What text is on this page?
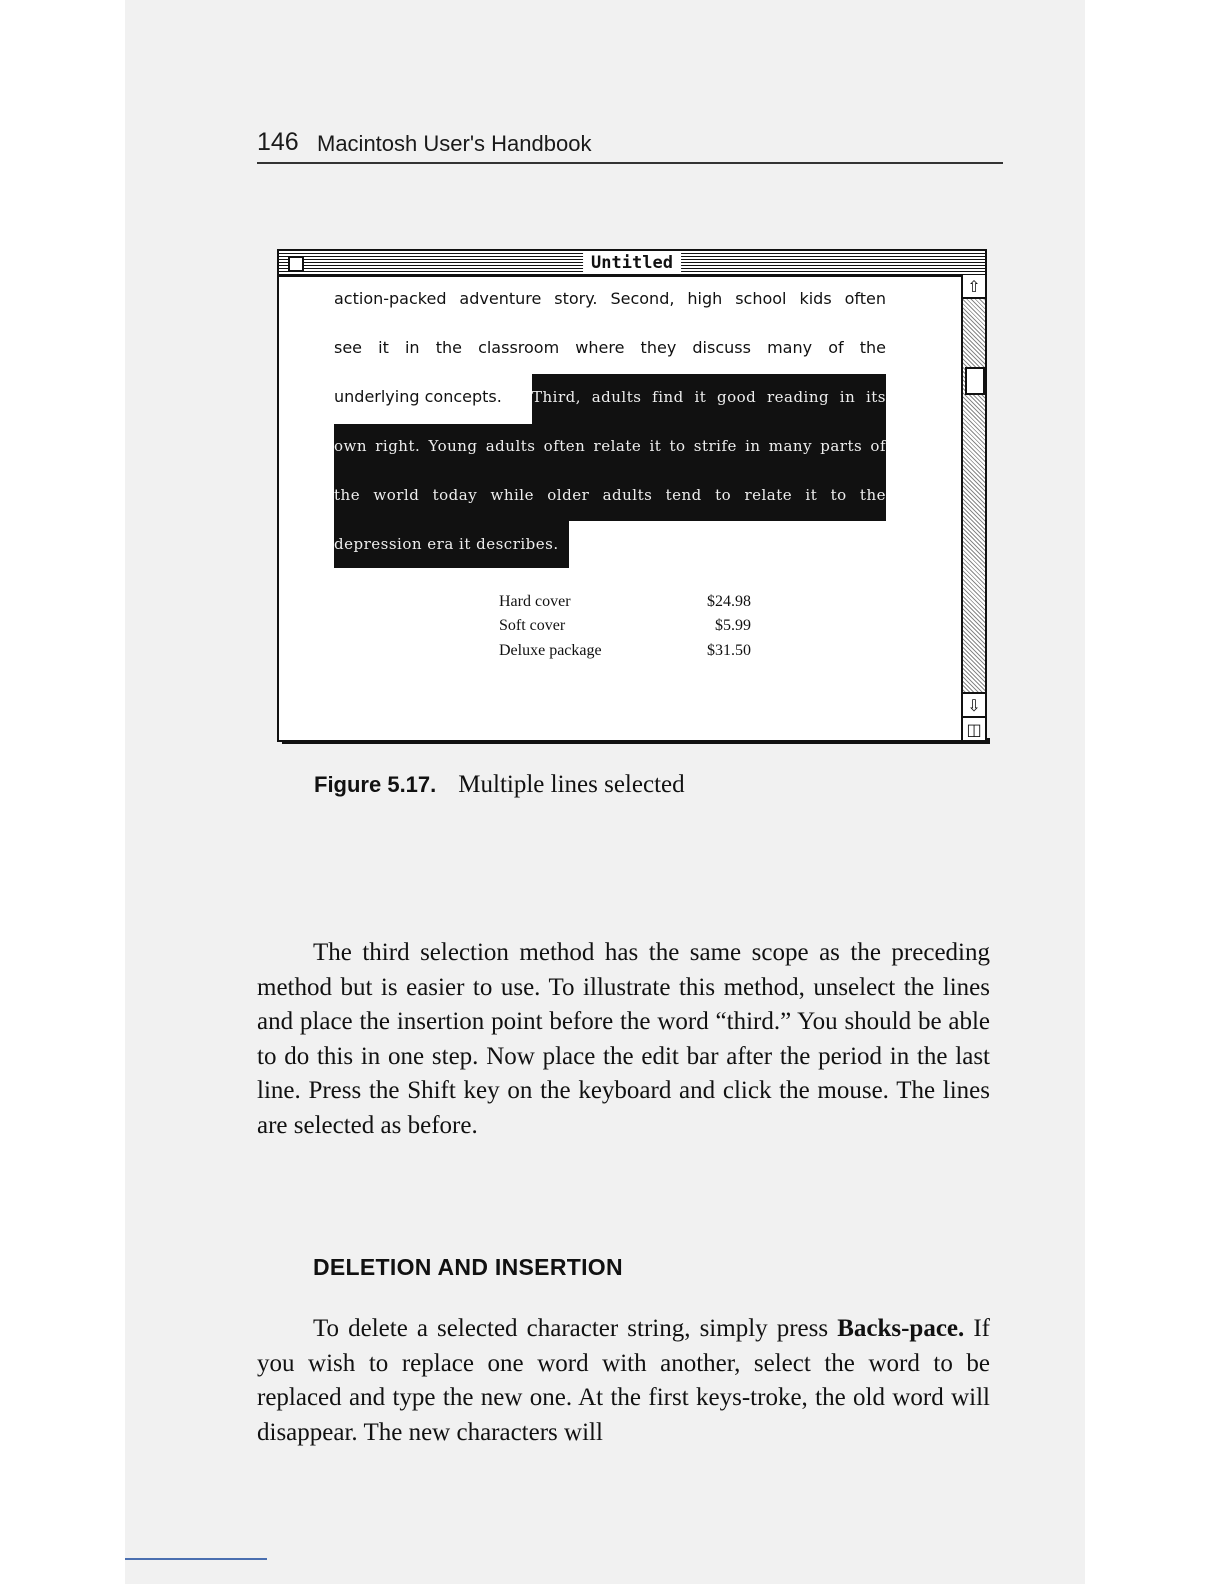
146 Macintosh User's Handbook
Untitled
action-packed adventure story. Second, high school kids often
see it in the classroom where they discuss many of the
underlying concepts.	Third, adults find it good reading in its
own right. Young adults often relate it to strife in many parts of
the world today while older adults tend to relate it to the
depression era it describes.
Hard cover	$24.98
Soft cover	$5.99
Deluxe package	$31.50
⇧
⇩
◫
Figure 5.17. Multiple lines selected

The third selection method has the same scope as the preceding method but is easier to use. To illustrate this method, unselect the lines and place the insertion point before the word “third.” You should be able to do this in one step. Now place the edit bar after the period in the last line. Press the Shift key on the keyboard and click the mouse. The lines are selected as before.

DELETION AND INSERTION

To delete a selected character string, simply press Backs-pace. If you wish to replace one word with another, select the word to be replaced and type the new one. At the first keys-troke, the old word will disappear. The new characters will
